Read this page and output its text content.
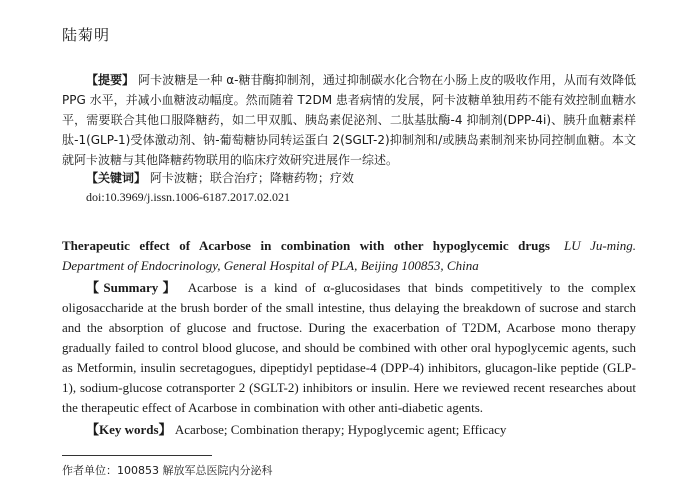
陆菊明
【提要】 阿卡波糖是一种 α-糖苷酶抑制剂，通过抑制碳水化合物在小肠上皮的吸收作用，从而有效降低 PPG 水平，并减小血糖波动幅度。然而随着 T2DM 患者病情的发展，阿卡波糖单独用药不能有效控制血糖水平，需要联合其他口服降糖药，如二甲双胍、胰岛素促泌剂、二肽基肽酶-4 抑制剂(DPP-4i)、胰升血糖素样肽-1(GLP-1)受体激动剂、钠-葡萄糖协同转运蛋白 2(SGLT-2)抑制剂和/或胰岛素制剂来协同控制血糖。本文就阿卡波糖与其他降糖药物联用的临床疗效研究进展作一综述。
【关键词】 阿卡波糖；联合治疗；降糖药物；疗效
doi:10.3969/j.issn.1006-6187.2017.02.021
Therapeutic effect of Acarbose in combination with other hypoglycemic drugs LU Ju-ming. Department of Endocrinology, General Hospital of PLA, Beijing 100853, China
【Summary】 Acarbose is a kind of α-glucosidases that binds competitively to the complex oligosaccharide at the brush border of the small intestine, thus delaying the breakdown of sucrose and starch and the absorption of glucose and fructose. During the exacerbation of T2DM, Acarbose mono therapy gradually failed to control blood glucose, and should be combined with other oral hypoglycemic agents, such as Metformin, insulin secretagogues, dipeptidyl peptidase-4 (DPP-4) inhibitors, glucagon-like peptide (GLP-1), sodium-glucose cotransporter 2 (SGLT-2) inhibitors or insulin. Here we reviewed recent researches about the therapeutic effect of Acarbose in combination with other anti-diabetic agents.
【Key words】 Acarbose; Combination therapy; Hypoglycemic agent; Efficacy
作者单位：100853 解放军总医院内分泌科
